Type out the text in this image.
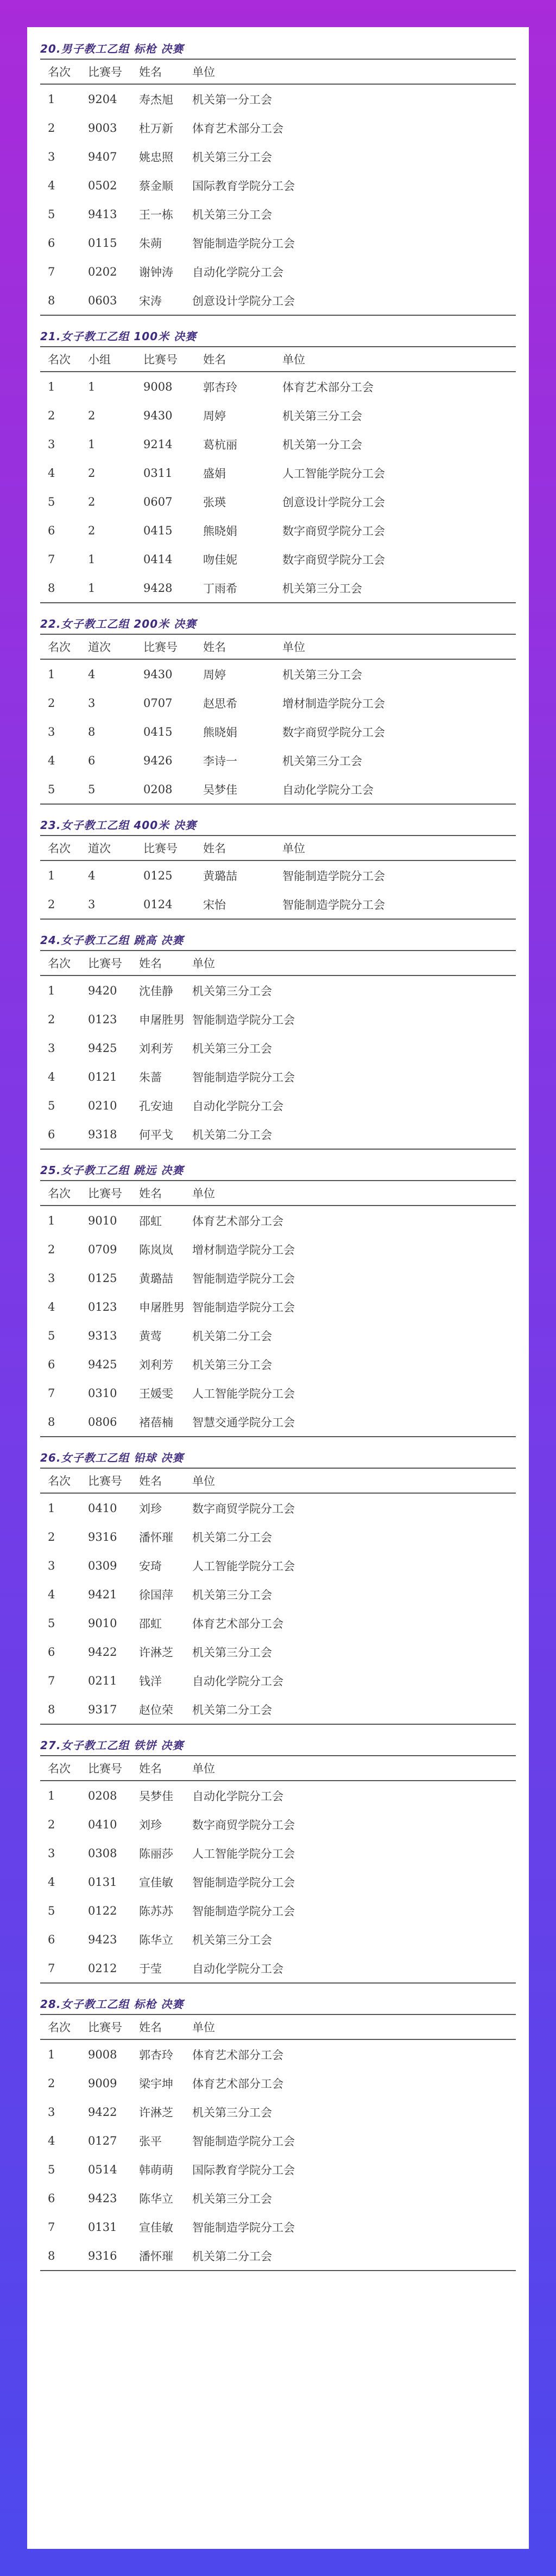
20.男子教工乙组 标枪 决赛
名次	比赛号	姓名	单位
1	9204	寿杰旭	机关第一分工会
2	9003	杜万新	体育艺术部分工会
3	9407	姚忠照	机关第三分工会
4	0502	蔡金顺	国际教育学院分工会
5	9413	王一栋	机关第三分工会
6	0115	朱蒴	智能制造学院分工会
7	0202	谢钟涛	自动化学院分工会
8	0603	宋涛	创意设计学院分工会
21.女子教工乙组 100米 决赛
名次	小组	比赛号	姓名	单位
1	1	9008	郭杏玲	体育艺术部分工会
2	2	9430	周婷	机关第三分工会
3	1	9214	葛杭丽	机关第一分工会
4	2	0311	盛娟	人工智能学院分工会
5	2	0607	张瑛	创意设计学院分工会
6	2	0415	熊晓娟	数字商贸学院分工会
7	1	0414	吻佳妮	数字商贸学院分工会
8	1	9428	丁雨希	机关第三分工会
22.女子教工乙组 200米 决赛
名次	道次	比赛号	姓名	单位
1	4	9430	周婷	机关第三分工会
2	3	0707	赵思希	增材制造学院分工会
3	8	0415	熊晓娟	数字商贸学院分工会
4	6	9426	李诗一	机关第三分工会
5	5	0208	吴梦佳	自动化学院分工会
23.女子教工乙组 400米 决赛
名次	道次	比赛号	姓名	单位
1	4	0125	黄璐喆	智能制造学院分工会
2	3	0124	宋怡	智能制造学院分工会
24.女子教工乙组 跳高 决赛
名次	比赛号	姓名	单位
1	9420	沈佳静	机关第三分工会
2	0123	申屠胜男	智能制造学院分工会
3	9425	刘利芳	机关第三分工会
4	0121	朱蔷	智能制造学院分工会
5	0210	孔安迪	自动化学院分工会
6	9318	何平戈	机关第二分工会
25.女子教工乙组 跳远 决赛
名次	比赛号	姓名	单位
1	9010	邵虹	体育艺术部分工会
2	0709	陈岚岚	增材制造学院分工会
3	0125	黄璐喆	智能制造学院分工会
4	0123	申屠胜男	智能制造学院分工会
5	9313	黄莺	机关第二分工会
6	9425	刘利芳	机关第三分工会
7	0310	王媛雯	人工智能学院分工会
8	0806	褚蓓楠	智慧交通学院分工会
26.女子教工乙组 铅球 决赛
名次	比赛号	姓名	单位
1	0410	刘珍	数字商贸学院分工会
2	9316	潘怀璀	机关第二分工会
3	0309	安琦	人工智能学院分工会
4	9421	徐国萍	机关第三分工会
5	9010	邵虹	体育艺术部分工会
6	9422	许淋芝	机关第三分工会
7	0211	钱洋	自动化学院分工会
8	9317	赵位荣	机关第二分工会
27.女子教工乙组 铁饼 决赛
名次	比赛号	姓名	单位
1	0208	吴梦佳	自动化学院分工会
2	0410	刘珍	数字商贸学院分工会
3	0308	陈丽莎	人工智能学院分工会
4	0131	宣佳敏	智能制造学院分工会
5	0122	陈苏苏	智能制造学院分工会
6	9423	陈华立	机关第三分工会
7	0212	于莹	自动化学院分工会
28.女子教工乙组 标枪 决赛
名次	比赛号	姓名	单位
1	9008	郭杏玲	体育艺术部分工会
2	9009	梁宇坤	体育艺术部分工会
3	9422	许淋芝	机关第三分工会
4	0127	张平	智能制造学院分工会
5	0514	韩萌萌	国际教育学院分工会
6	9423	陈华立	机关第三分工会
7	0131	宣佳敏	智能制造学院分工会
8	9316	潘怀璀	机关第二分工会
